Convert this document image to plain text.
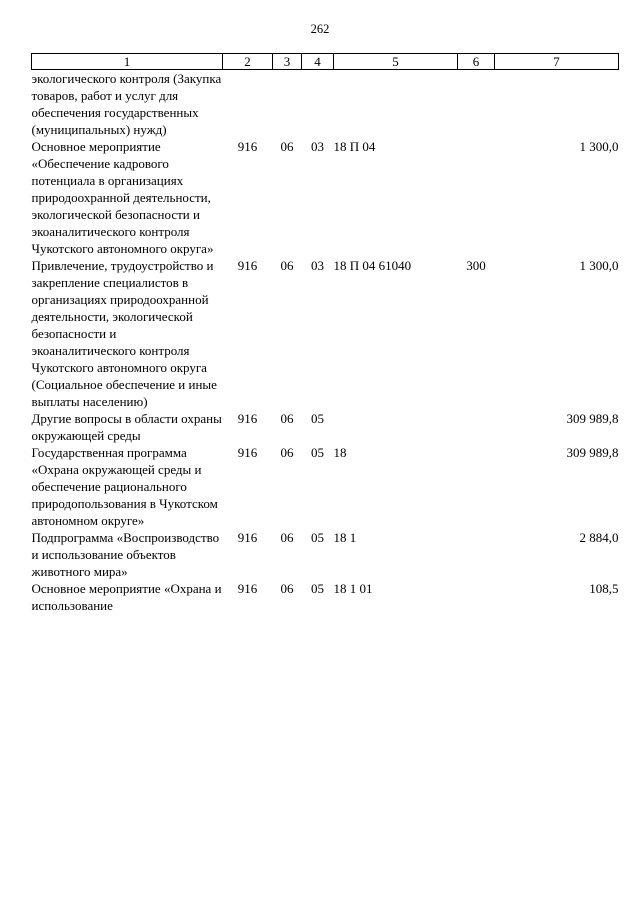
262
1	2	3	4	5	6	7
экологического контроля (Закупка товаров, работ и услуг для обеспечения государственных (муниципальных) нужд)						
Основное мероприятие «Обеспечение кадрового потенциала в организациях природоохранной деятельности, экологической безопасности и экоаналитического контроля Чукотского автономного округа»	916	06	03	18 П 04		1 300,0
Привлечение, трудоустройство и закрепление специалистов в организациях природоохранной деятельности, экологической безопасности и экоаналитического контроля Чукотского автономного округа (Социальное обеспечение и иные выплаты населению)	916	06	03	18 П 04 61040	300	1 300,0
Другие вопросы в области охраны окружающей среды	916	06	05			309 989,8
Государственная программа «Охрана окружающей среды и обеспечение рационального природопользования в Чукотском автономном округе»	916	06	05	18		309 989,8
Подпрограмма «Воспроизводство и использование объектов животного мира»	916	06	05	18 1		2 884,0
Основное мероприятие «Охрана и использование	916	06	05	18 1 01		108,5
